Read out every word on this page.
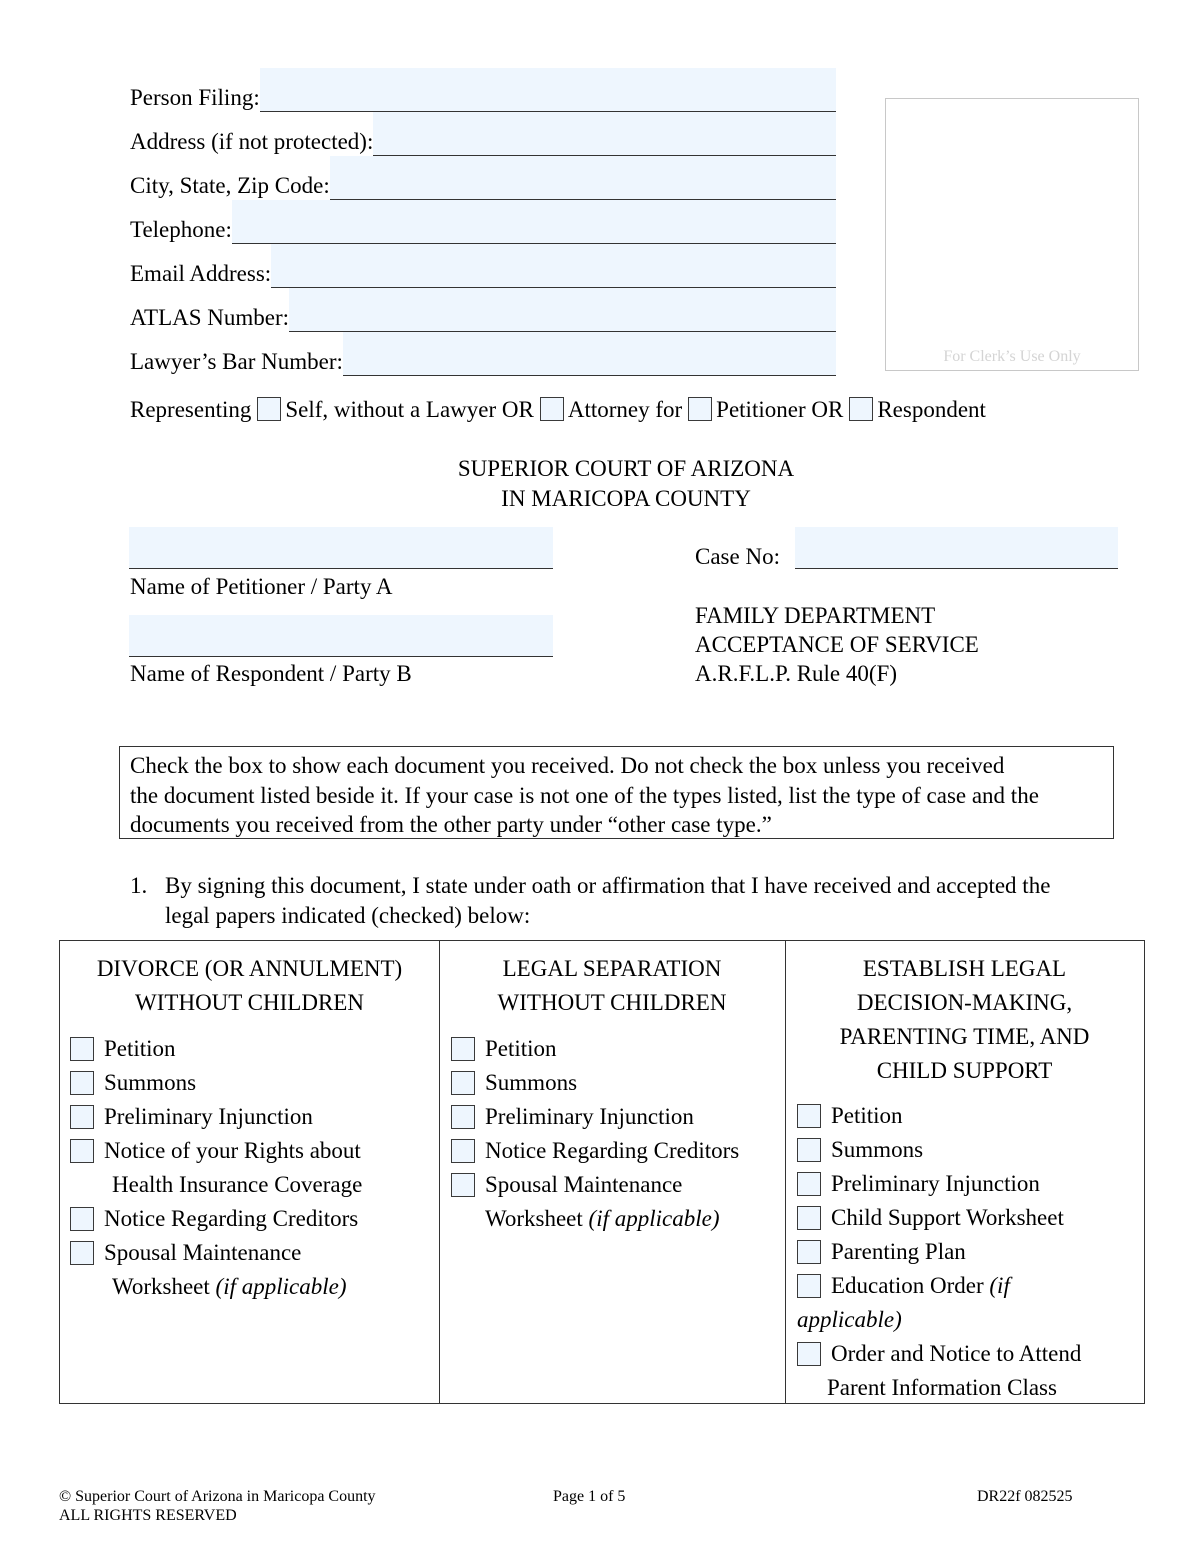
Person Filing:
Address (if not protected):
City, State, Zip Code:
Telephone:
Email Address:
ATLAS Number:
Lawyer’s Bar Number:	For Clerk’s Use Only
Representing Self, without a Lawyer OR Attorney for Petitioner OR Respondent
SUPERIOR COURT OF ARIZONA
IN MARICOPA COUNTY
Name of Petitioner / Party A
Name of Respondent / Party B
Case No:
FAMILY DEPARTMENT
ACCEPTANCE OF SERVICE
A.R.F.L.P. Rule 40(F)
Check the box to show each document you received. Do not check the box unless you received
the document listed beside it. If your case is not one of the types listed, list the type of case and the
documents you received from the other party under “other case type.”
1. By signing this document, I state under oath or affirmation that I have received and accepted the
legal papers indicated (checked) below:
DIVORCE (OR ANNULMENT)
WITHOUT CHILDREN
Petition
Summons
Preliminary Injunction
Notice of your Rights about
Health Insurance Coverage
Notice Regarding Creditors
Spousal Maintenance
Worksheet (if applicable)
LEGAL SEPARATION
WITHOUT CHILDREN
Petition
Summons
Preliminary Injunction
Notice Regarding Creditors
Spousal Maintenance
Worksheet (if applicable)
ESTABLISH LEGAL
DECISION-MAKING,
PARENTING TIME, AND
CHILD SUPPORT
Petition
Summons
Preliminary Injunction
Child Support Worksheet
Parenting Plan
Education Order (if
applicable)
Order and Notice to Attend
Parent Information Class
© Superior Court of Arizona in Maricopa County
ALL RIGHTS RESERVED
Page 1 of 5	DR22f 082525
